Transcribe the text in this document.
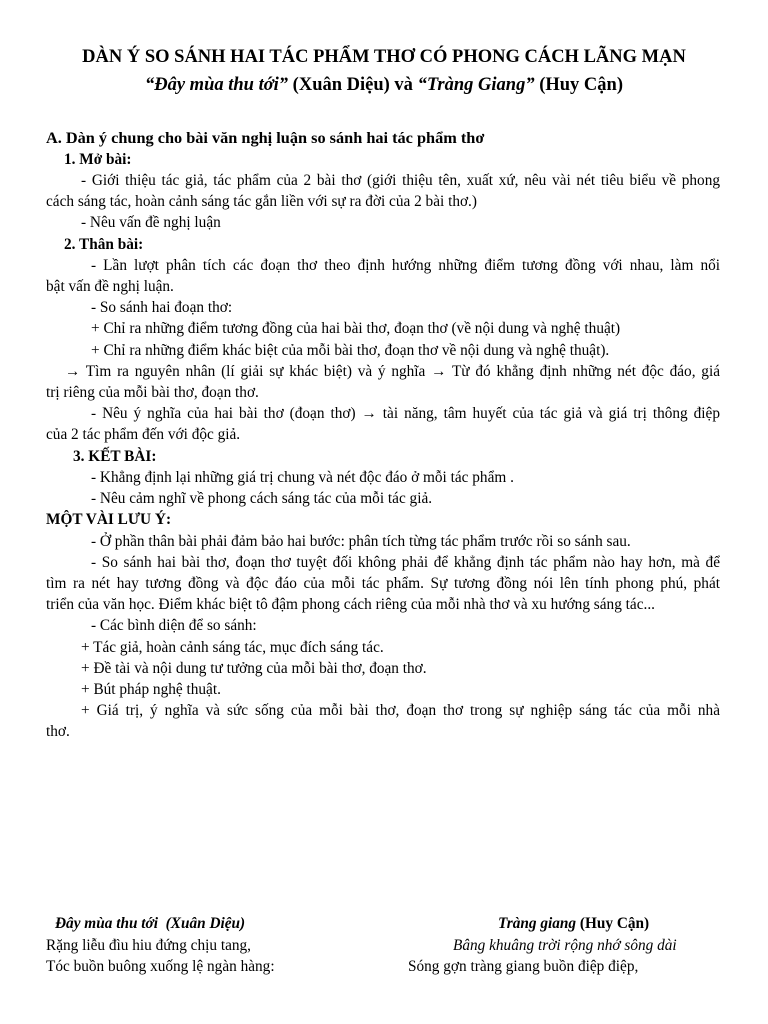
DÀN Ý SO SÁNH HAI TÁC PHẨM THƠ CÓ PHONG CÁCH LÃNG MẠN
“Đây mùa thu tới” (Xuân Diệu) và “Tràng Giang” (Huy Cận)
A. Dàn ý chung cho bài văn nghị luận so sánh hai tác phẩm thơ
1. Mở bài:
- Giới thiệu tác giả, tác phẩm của 2 bài thơ (giới thiệu tên, xuất xứ, nêu vài nét tiêu biểu về phong
cách sáng tác, hoàn cảnh sáng tác gắn liền với sự ra đời của 2 bài thơ.)
- Nêu vấn đề nghị luận
2. Thân bài:
- Lần lượt phân tích các đoạn thơ theo định hướng những điểm tương đồng với nhau, làm nổi
bật vấn đề nghị luận.
- So sánh hai đoạn thơ:
+ Chỉ ra những điểm tương đồng của hai bài thơ, đoạn thơ (về nội dung và nghệ thuật)
+ Chỉ ra những điểm khác biệt của mỗi bài thơ, đoạn thơ về nội dung và nghệ thuật).
→ Tìm ra nguyên nhân (lí giải sự khác biệt) và ý nghĩa → Từ đó khẳng định những nét độc đáo, giá
trị riêng của mỗi bài thơ, đoạn thơ.
- Nêu ý nghĩa của hai bài thơ (đoạn thơ) → tài năng, tâm huyết của tác giả và giá trị thông điệp
của 2 tác phẩm đến với độc giả.
3. KẾT BÀI:
- Khẳng định lại những giá trị chung và nét độc đáo ở mỗi tác phẩm .
- Nêu cảm nghĩ về phong cách sáng tác của mỗi tác giả.
MỘT VÀI LƯU Ý:
- Ở phần thân bài phải đảm bảo hai bước: phân tích từng tác phẩm trước rồi so sánh sau.
- So sánh hai bài thơ, đoạn thơ tuyệt đối không phải để khẳng định tác phẩm nào hay hơn, mà để
tìm ra nét hay tương đồng và độc đáo của mỗi tác phẩm. Sự tương đồng nói lên tính phong phú, phát
triển của văn học. Điểm khác biệt tô đậm phong cách riêng của mỗi nhà thơ và xu hướng sáng tác...
- Các bình diện để so sánh:
+ Tác giả, hoàn cảnh sáng tác, mục đích sáng tác.
+ Đề tài và nội dung tư tưởng của mỗi bài thơ, đoạn thơ.
+ Bút pháp nghệ thuật.
+ Giá trị, ý nghĩa và sức sống của mỗi bài thơ, đoạn thơ trong sự nghiệp sáng tác của mỗi nhà
thơ.
Đây mùa thu tới (Xuân Diệu)
Rặng liễu đìu hiu đứng chịu tang,
Tóc buồn buông xuống lệ ngàn hàng:
Tràng giang (Huy Cận)
Bâng khuâng trời rộng nhớ sông dài
Sóng gợn tràng giang buồn điệp điệp,
